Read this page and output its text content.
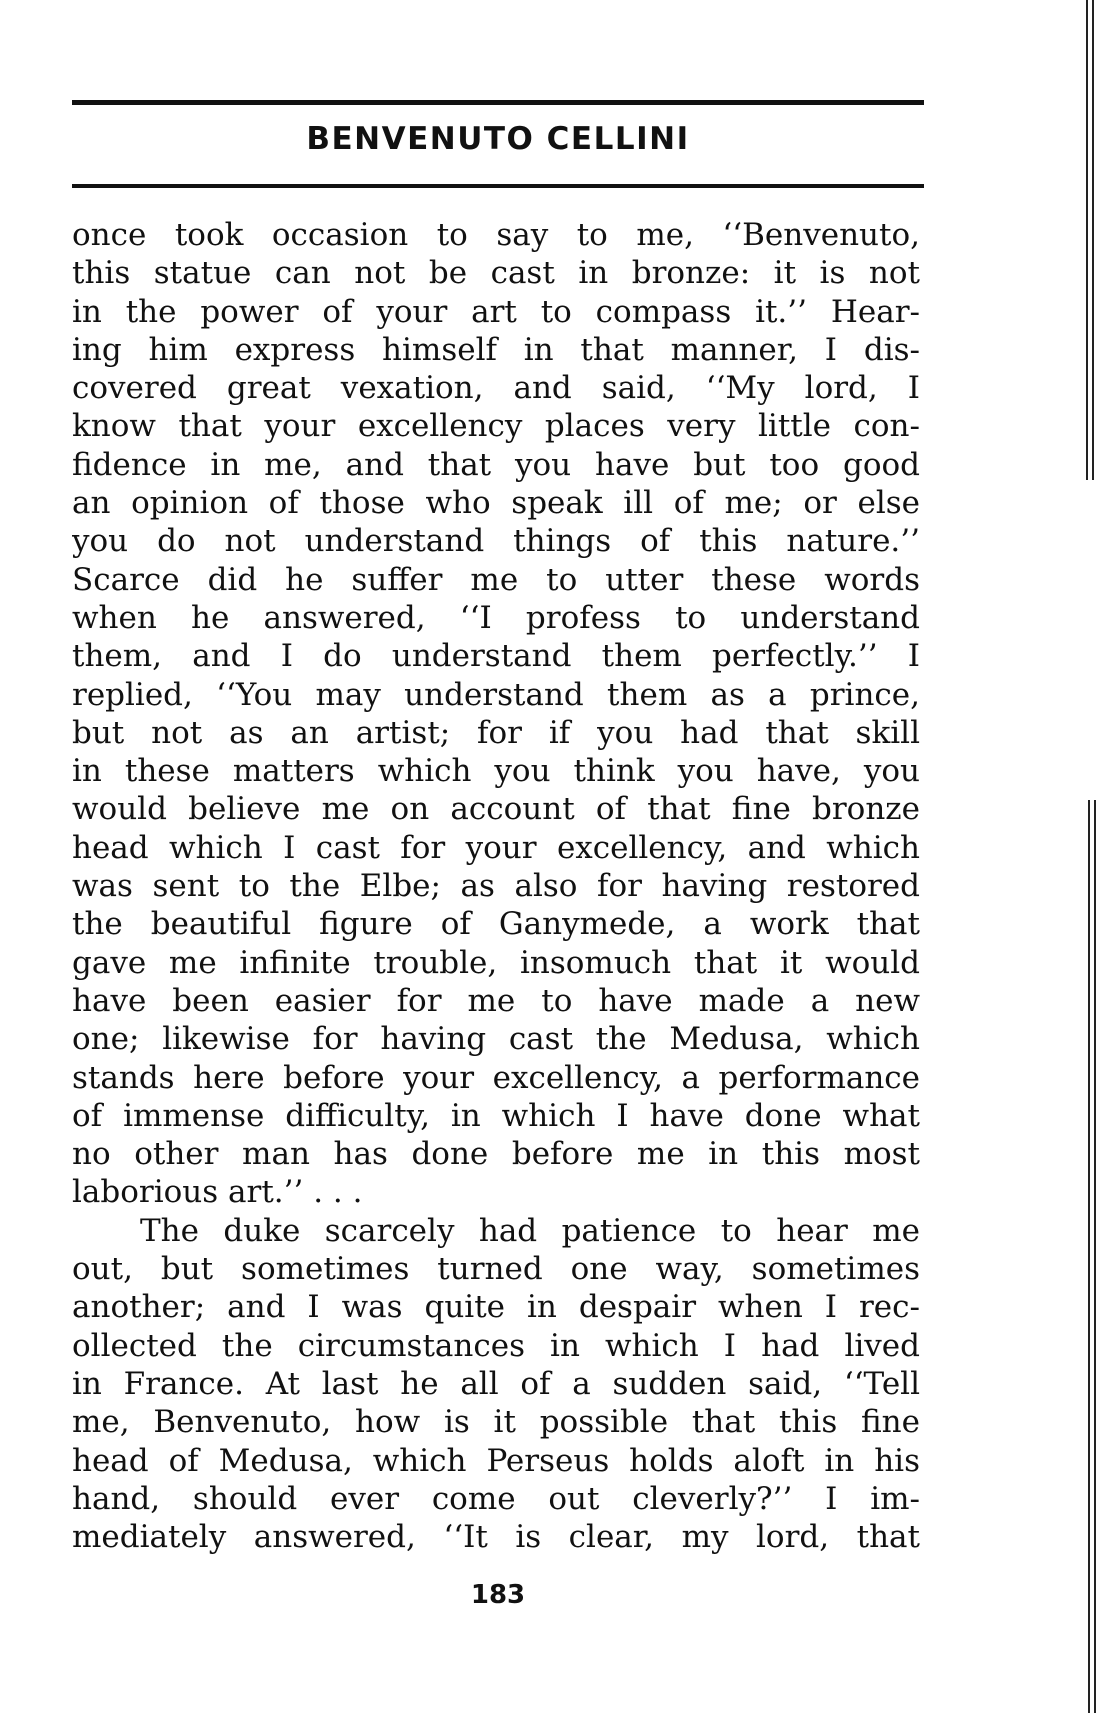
BENVENUTO CELLINI
once took occasion to say to me, ‘‘Benvenuto,
this statue can not be cast in bronze: it is not
in the power of your art to compass it.’’ Hear-
ing him express himself in that manner, I dis-
covered great vexation, and said, ‘‘My lord, I
know that your excellency places very little con-
fidence in me, and that you have but too good
an opinion of those who speak ill of me; or else
you do not understand things of this nature.’’
Scarce did he suffer me to utter these words
when he answered, ‘‘I profess to understand
them, and I do understand them perfectly.’’ I
replied, ‘‘You may understand them as a prince,
but not as an artist; for if you had that skill
in these matters which you think you have, you
would believe me on account of that fine bronze
head which I cast for your excellency, and which
was sent to the Elbe; as also for having restored
the beautiful figure of Ganymede, a work that
gave me infinite trouble, insomuch that it would
have been easier for me to have made a new
one; likewise for having cast the Medusa, which
stands here before your excellency, a performance
of immense difficulty, in which I have done what
no other man has done before me in this most
laborious art.’’ . . .
The duke scarcely had patience to hear me
out, but sometimes turned one way, sometimes
another; and I was quite in despair when I rec-
ollected the circumstances in which I had lived
in France. At last he all of a sudden said, ‘‘Tell
me, Benvenuto, how is it possible that this fine
head of Medusa, which Perseus holds aloft in his
hand, should ever come out cleverly?’’ I im-
mediately answered, ‘‘It is clear, my lord, that
183
